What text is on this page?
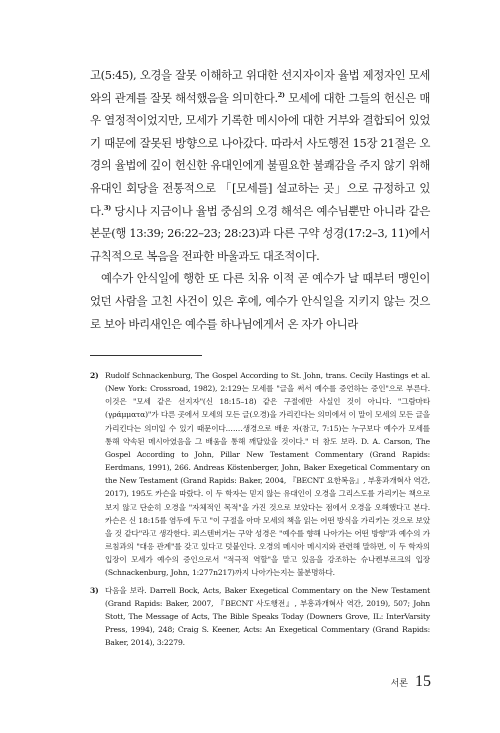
고(5:45), 오경을 잘못 이해하고 위대한 선지자이자 율법 제정자인 모세와의 관계를 잘못 해석했음을 의미한다.$^{2)}$ 모세에 대한 그들의 헌신은 매우 열정적이었지만, 모세가 기록한 메시아에 대한 거부와 결합되어 있었기 때문에 잘못된 방향으로 나아갔다. 따라서 사도행전 15장 21절은 오경의 율법에 깊이 헌신한 유대인에게 불필요한 불쾌감을 주지 않기 위해 유대인 회당을 전통적으로 「[모세를] 설교하는 곳」으로 규정하고 있다.$^{3)}$ 당시나 지금이나 율법 중심의 오경 해석은 예수님뿐만 아니라 같은 본문(행 13:39; 26:22–23; 28:23)과 다른 구약 성경(17:2–3, 11)에서 규칙적으로 복음을 전파한 바울과도 대조적이다.

예수가 안식일에 행한 또 다른 치유 이적 곧 예수가 날 때부터 맹인이었던 사람을 고친 사건이 있은 후에, 예수가 안식일을 지키지 않는 것으로 보아 바리새인은 예수를 하나님에게서 온 자가 아니라

2) Rudolf Schnackenburg, The Gospel According to St. John, trans. Cecily Hastings et al. (New York: Crossroad, 1982), 2:129는 모세를 "글을 써서 예수를 증언하는 증인"으로 부른다. 이것은 "모세 같은 선지자"(신 18:15–18) 같은 구절에만 사실인 것이 아니다. "그람마타(γράμματα)"가 다른 곳에서 모세의 모든 글(오경)을 가리킨다는 의미에서 이 말이 모세의 모든 글을 가리킨다는 의미일 수 있기 때문이다.……생경으로 배운 자(참고, 7:15)는 누구보다 예수가 모세를 통해 약속된 메시아였음을 그 배움을 통해 깨달았을 것이다." 더 참도 보라. D. A. Carson, The Gospel According to John, Pillar New Testament Commentary (Grand Rapids: Eerdmans, 1991), 266. Andreas Köstenberger, John, Baker Exegetical Commentary on the New Testament (Grand Rapids: Baker, 2004, 『BECNT 요한복음』, 부흥과개혁사 역간, 2017), 195도 카슨을 따랐다. 이 두 학자는 믿지 않는 유대인이 오경을 그리스도를 가리키는 책으로 보지 않고 단순히 오경을 "자체적인 목적"을 가진 것으로 보았다는 점에서 오경을 오해했다고 본다. 카슨은 신 18:15를 염두에 두고 "이 구절을 아마 모세의 책을 읽는 어떤 방식을 가리키는 것으로 보았을 것 같다"라고 생각한다. 쾨스텐버거는 구약 성경은 "예수를 향해 나아가는 어떤 방향"과 예수의 가르침과의 "대응 관계"를 갖고 있다고 덧붙인다. 오경의 메시아 메시지와 관련해 말하면, 이 두 학자의 입장이 모세가 예수의 증인으로서 "적극적 역할"을 맡고 있음을 강조하는 슈나켄부르크의 입장(Schnackenburg, John, 1:277n217)까지 나아가는지는 불분명하다.

3) 다음을 보라. Darrell Bock, Acts, Baker Exegetical Commentary on the New Testament (Grand Rapids: Baker, 2007, 『BECNT 사도행전』, 부흥과개혁사 역간, 2019), 507; John Stott, The Message of Acts, The Bible Speaks Today (Downers Grove, IL: InterVarsity Press, 1994), 248; Craig S. Keener, Acts: An Exegetical Commentary (Grand Rapids: Baker, 2014), 3:2279.

서론 15
